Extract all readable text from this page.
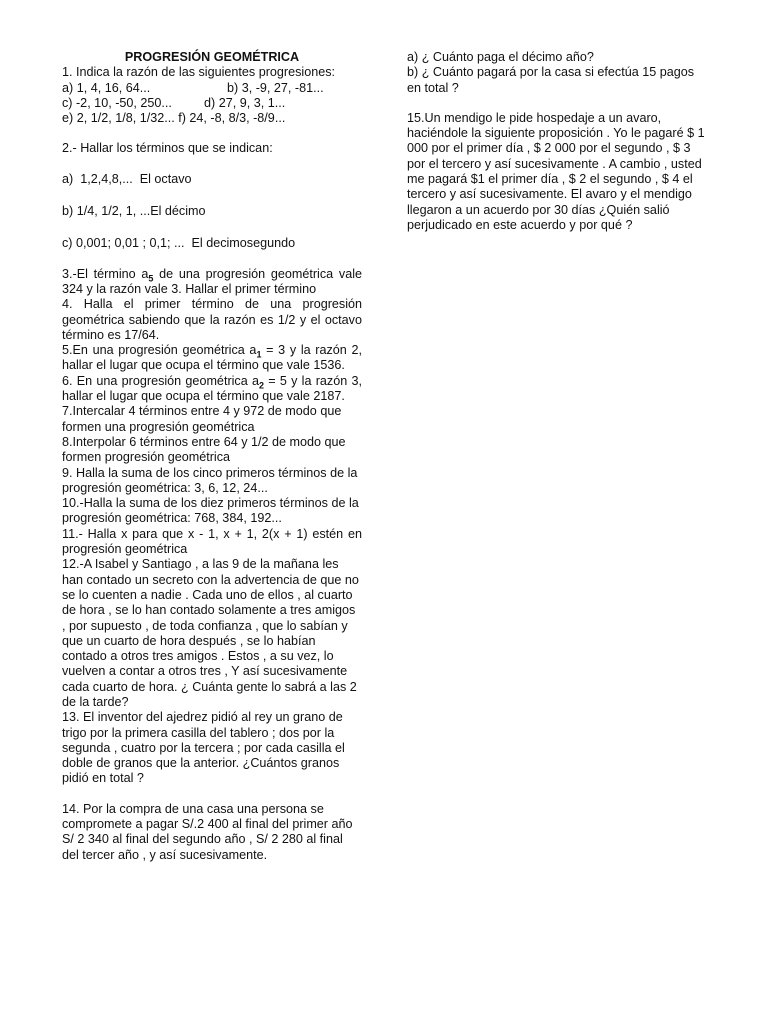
PROGRESIÓN GEOMÉTRICA

1. Indica la razón de las siguientes progresiones:

a) 1, 4, 16, 64...	b) 3, -9, 27, -81...
c) -2, 10, -50, 250...	d) 27, 9, 3, 1...

e) 2, 1/2, 1/8, 1/32... f) 24, -8, 8/3, -8/9...

2.- Hallar los términos que se indican:

a)  1,2,4,8,...  El octavo

b) 1/4, 1/2, 1, ...El décimo

c) 0,001; 0,01 ; 0,1; ...  El decimosegundo

3.-El término $a_5$ de una progresión geométrica vale 324 y la razón vale 3. Hallar el primer término

4. Halla el primer término de una progresión geométrica sabiendo que la razón es 1/2 y el octavo término es 17/64.

5.En una progresión geométrica $a_1 = 3$ y la razón 2, hallar el lugar que ocupa el término que vale 1536.

6. En una progresión geométrica $a_2 = 5$ y la razón 3, hallar el lugar que ocupa el término que vale 2187.

7.Intercalar 4 términos entre 4 y 972 de modo que formen una progresión geométrica

8.Interpolar 6 términos entre 64 y 1/2 de modo que formen progresión geométrica

9. Halla la suma de los cinco primeros términos de la progresión geométrica: 3, 6, 12, 24...

10.-Halla la suma de los diez primeros términos de la progresión geométrica: 768, 384, 192...

11.- Halla x para que x - 1, x + 1, 2(x + 1) estén en progresión geométrica

12.-A Isabel y Santiago , a las 9 de la mañana les han contado un secreto con la advertencia de que no se lo cuenten a nadie . Cada uno de ellos , al cuarto de hora , se lo han contado solamente a tres amigos , por supuesto , de toda confianza , que lo sabían y que un cuarto de hora después , se lo habían contado a otros tres amigos . Estos , a su vez, lo vuelven a contar a otros tres , Y así sucesivamente cada cuarto de hora. ¿ Cuánta gente lo sabrá a las 2 de la tarde?

13. El inventor del ajedrez pidió al rey un grano de trigo por la primera casilla del tablero ; dos por la segunda , cuatro por la tercera ; por cada casilla el doble de granos que la anterior. ¿Cuántos granos pidió en total ?

14. Por la compra de una casa una persona se compromete a pagar S/.2 400 al final del primer año S/ 2 340 al final del segundo año , S/ 2 280 al final del tercer año , y así sucesivamente.

a) ¿ Cuánto paga el décimo año?

b) ¿ Cuánto pagará por la casa si efectúa 15 pagos en total ?

15.Un mendigo le pide hospedaje a un avaro, haciéndole la siguiente proposición . Yo le pagaré $ 1 000 por el primer día , $ 2 000 por el segundo , $ 3 por el tercero y así sucesivamente . A cambio , usted me pagará $1 el primer día , $ 2 el segundo , $ 4 el tercero y así sucesivamente. El avaro y el mendigo llegaron a un acuerdo por 30 días ¿Quién salió perjudicado en este acuerdo y por qué ?
